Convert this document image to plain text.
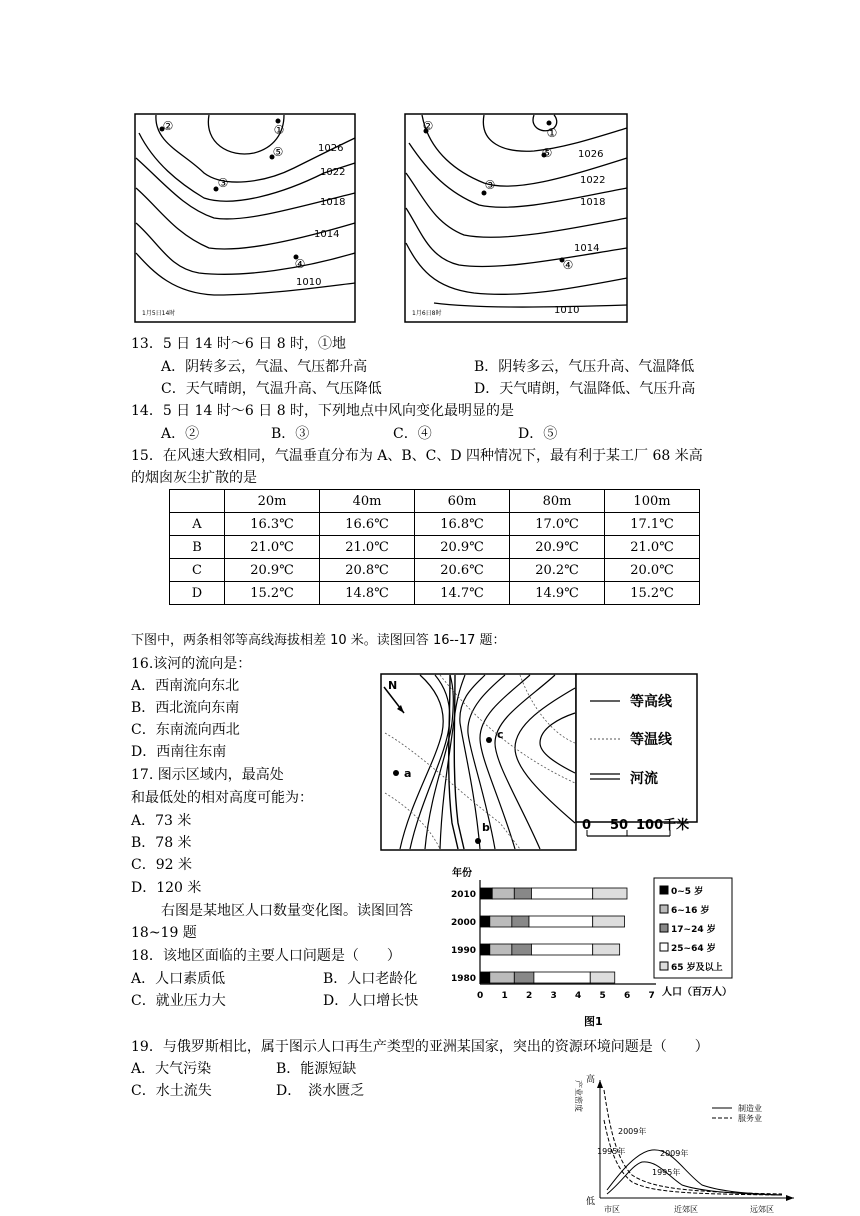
①
⑤
③
②
④
1026
1022
1018
1014
1010
1月5日14时
①
⑤
③
②
④
1026
1022
1018
1014
1010
1月6日8时
13．5 日 14 时～6 日 8 时，①地
A．阴转多云，气温、气压都升高	B．阴转多云，气压升高、气温降低
C．天气晴朗，气温升高、气压降低	D．天气晴朗，气温降低、气压升高
14．5 日 14 时～6 日 8 时，下列地点中风向变化最明显的是
A．②	B．③	C．④	D．⑤
15．在风速大致相同，气温垂直分布为 A、B、C、D 四种情况下，最有利于某工厂 68 米高
的烟囱灰尘扩散的是
	20m	40m	60m	80m	100m
A	16.3℃	16.6℃	16.8℃	17.0℃	17.1℃
B	21.0℃	21.0℃	20.9℃	20.9℃	21.0℃
C	20.9℃	20.8℃	20.6℃	20.2℃	20.0℃
D	15.2℃	14.8℃	14.7℃	14.9℃	15.2℃
下图中，两条相邻等高线海拔相差 10 米。读图回答 16--17 题：
16.该河的流向是：
A．西南流向东北
B．西北流向东南
C．东南流向西北
D．西南往东南
17. 图示区域内，最高处
和最低处的相对高度可能为：
A．73 米
B．78 米
C．92 米
D．120 米
N
a
b
c
等高线
等温线
河流
0 50 100千米
右图是某地区人口数量变化图。读图回答
18~19 题
18．该地区面临的主要人口问题是（　　）
A．人口素质低	B．人口老龄化
C．就业压力大	D．人口增长快
年份
2010
2000
1990
1980
0 1 2 3 4 5 6 7 人口（百万人）
图1
0~5 岁
6~16 岁
17~24 岁
25~64 岁
65 岁及以上
19．与俄罗斯相比，属于图示人口再生产类型的亚洲某国家，突出的资源环境问题是（　　）
A．大气污染	B．能源短缺
C．水土流失	D．　淡水匮乏
高
低
产业密度
2009年
1995年	2009年
1995年
制造业
服务业
市区	近郊区	远郊区
